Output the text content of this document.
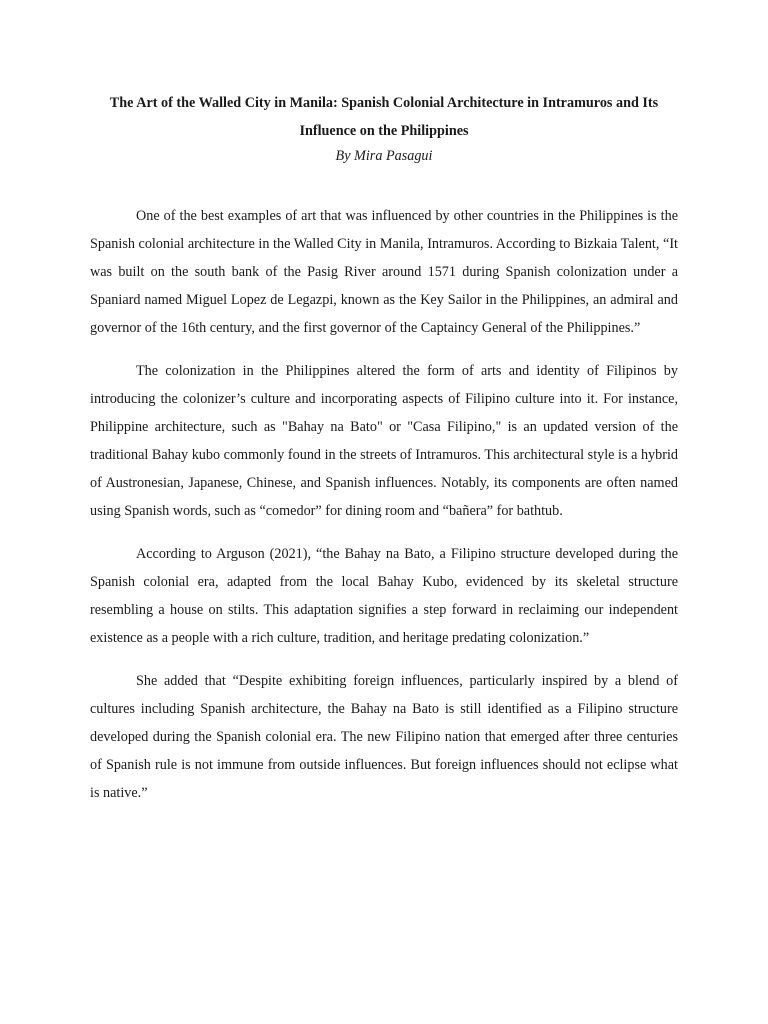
The Art of the Walled City in Manila: Spanish Colonial Architecture in Intramuros and Its Influence on the Philippines

By Mira Pasagui

One of the best examples of art that was influenced by other countries in the Philippines is the Spanish colonial architecture in the Walled City in Manila, Intramuros. According to Bizkaia Talent, “It was built on the south bank of the Pasig River around 1571 during Spanish colonization under a Spaniard named Miguel Lopez de Legazpi, known as the Key Sailor in the Philippines, an admiral and governor of the 16th century, and the first governor of the Captaincy General of the Philippines.”

The colonization in the Philippines altered the form of arts and identity of Filipinos by introducing the colonizer’s culture and incorporating aspects of Filipino culture into it. For instance, Philippine architecture, such as "Bahay na Bato" or "Casa Filipino," is an updated version of the traditional Bahay kubo commonly found in the streets of Intramuros. This architectural style is a hybrid of Austronesian, Japanese, Chinese, and Spanish influences. Notably, its components are often named using Spanish words, such as “comedor” for dining room and “bañera” for bathtub.

According to Arguson (2021), “the Bahay na Bato, a Filipino structure developed during the Spanish colonial era, adapted from the local Bahay Kubo, evidenced by its skeletal structure resembling a house on stilts. This adaptation signifies a step forward in reclaiming our independent existence as a people with a rich culture, tradition, and heritage predating colonization.”

She added that “Despite exhibiting foreign influences, particularly inspired by a blend of cultures including Spanish architecture, the Bahay na Bato is still identified as a Filipino structure developed during the Spanish colonial era. The new Filipino nation that emerged after three centuries of Spanish rule is not immune from outside influences. But foreign influences should not eclipse what is native.”
